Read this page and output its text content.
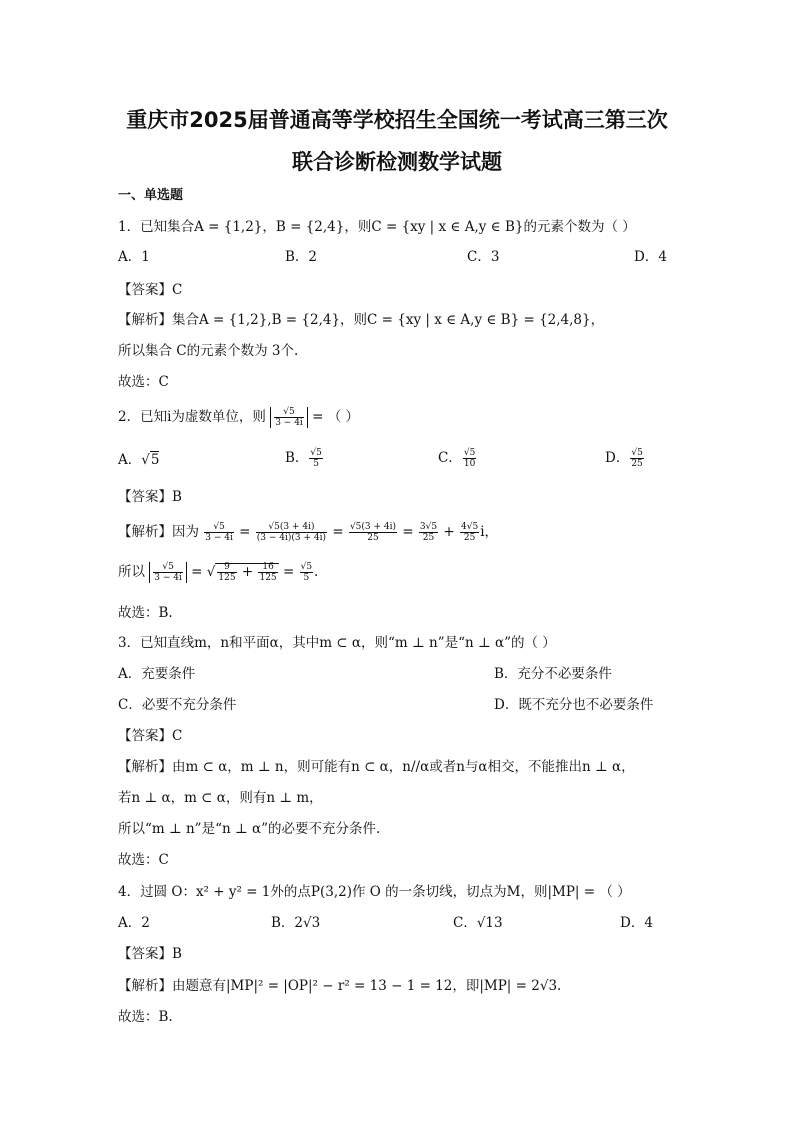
重庆市2025届普通高等学校招生全国统一考试高三第三次
联合诊断检测数学试题
一、单选题
1．已知集合A = {1,2}，B = {2,4}，则C = {xy | x ∈ A,y ∈ B}的元素个数为（ ）
A．1	B．2	C．3	D．4
【答案】C
【解析】集合A = {1,2},B = {2,4}，则C = {xy | x ∈ A,y ∈ B} = {2,4,8}，
所以集合 C的元素个数为 3个.
故选：C
2．已知i为虚数单位，则 $\frac{√5}{3 - 4i}$ = （ ）
A．√5	B． $\frac{√5}{5}$	C． $\frac{√5}{10}$	D． $\frac{√5}{25}$
【答案】B
【解析】因为 $\frac{√5}{3 - 4i} = \frac{√5(3 + 4i)}{(3 - 4i)(3 + 4i)} = \frac{√5(3 + 4i)}{25} = \frac{3√5}{25} + \frac{4√5}{25}$ i，
所以 $\frac{√5}{3 - 4i}$ = √ $\frac{9}{125} + \frac{16}{125} = \frac{√5}{5}$ .
故选：B.
3．已知直线m，n和平面α，其中m ⊂ α，则“m ⊥ n”是“n ⊥ α”的（ ）
A．充要条件	B．充分不必要条件
C．必要不充分条件	D．既不充分也不必要条件
【答案】C
【解析】由m ⊂ α，m ⊥ n，则可能有n ⊂ α，n//α或者n与α相交，不能推出n ⊥ α，
若n ⊥ α，m ⊂ α，则有n ⊥ m，
所以“m ⊥ n”是“n ⊥ α”的必要不充分条件.
故选：C
4．过圆 O：x² + y² = 1外的点P(3,2)作 O 的一条切线，切点为M，则|MP| = （ ）
A．2	B．2√3	C．√13	D．4
【答案】B
【解析】由题意有|MP|² = |OP|² − r² = 13 − 1 = 12，即|MP| = 2√3.
故选：B.
